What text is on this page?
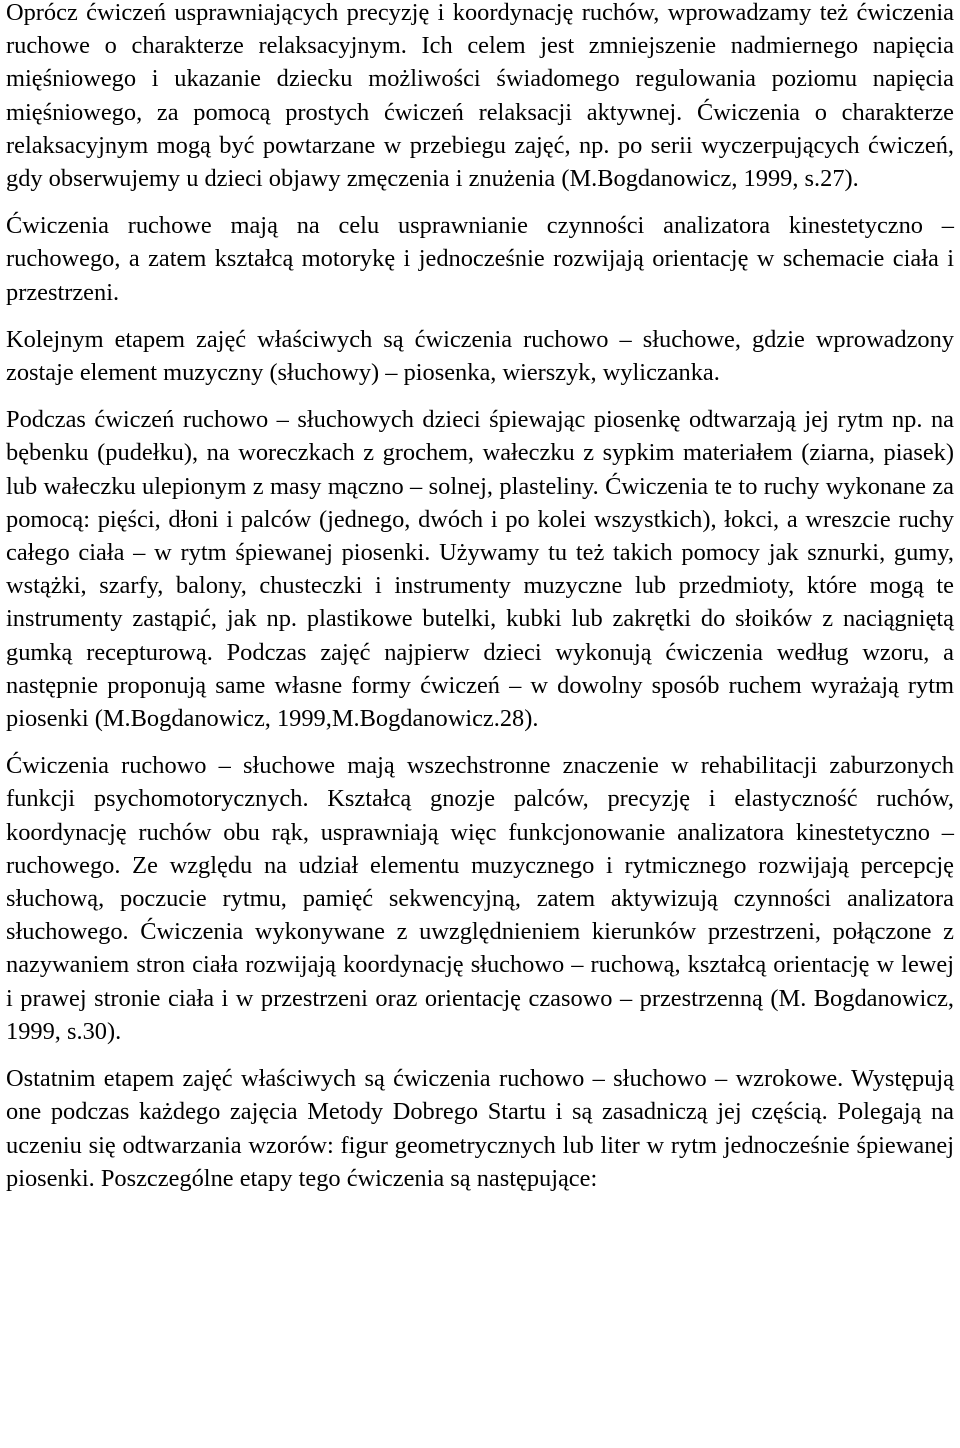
Oprócz ćwiczeń usprawniających precyzję i koordynację ruchów, wprowadzamy też ćwiczenia ruchowe o charakterze relaksacyjnym. Ich celem jest zmniejszenie nadmiernego napięcia mięśniowego i ukazanie dziecku możliwości świadomego regulowania poziomu napięcia mięśniowego, za pomocą prostych ćwiczeń relaksacji aktywnej. Ćwiczenia o charakterze relaksacyjnym mogą być powtarzane w przebiegu zajęć, np. po serii wyczerpujących ćwiczeń, gdy obserwujemy u dzieci objawy zmęczenia i znużenia (M.Bogdanowicz, 1999, s.27).

Ćwiczenia ruchowe mają na celu usprawnianie czynności analizatora kinestetyczno – ruchowego, a zatem kształcą motorykę i jednocześnie rozwijają orientację w schemacie ciała i przestrzeni.

Kolejnym etapem zajęć właściwych są ćwiczenia ruchowo – słuchowe, gdzie wprowadzony zostaje element muzyczny (słuchowy) – piosenka, wierszyk, wyliczanka.

Podczas ćwiczeń ruchowo – słuchowych dzieci śpiewając piosenkę odtwarzają jej rytm np. na bębenku (pudełku), na woreczkach z grochem, wałeczku z sypkim materiałem (ziarna, piasek) lub wałeczku ulepionym z masy mączno – solnej, plasteliny. Ćwiczenia te to ruchy wykonane za pomocą: pięści, dłoni i palców (jednego, dwóch i po kolei wszystkich), łokci, a wreszcie ruchy całego ciała – w rytm śpiewanej piosenki. Używamy tu też takich pomocy jak sznurki, gumy, wstążki, szarfy, balony, chusteczki i instrumenty muzyczne lub przedmioty, które mogą te instrumenty zastąpić, jak np. plastikowe butelki, kubki lub zakrętki do słoików z naciągniętą gumką recepturową. Podczas zajęć najpierw dzieci wykonują ćwiczenia według wzoru, a następnie proponują same własne formy ćwiczeń – w dowolny sposób ruchem wyrażają rytm piosenki (M.Bogdanowicz, 1999,M.Bogdanowicz.28).

Ćwiczenia ruchowo – słuchowe mają wszechstronne znaczenie w rehabilitacji zaburzonych funkcji psychomotorycznych. Kształcą gnozje palców, precyzję i elastyczność ruchów, koordynację ruchów obu rąk, usprawniają więc funkcjonowanie analizatora kinestetyczno – ruchowego. Ze względu na udział elementu muzycznego i rytmicznego rozwijają percepcję słuchową, poczucie rytmu, pamięć sekwencyjną, zatem aktywizują czynności analizatora słuchowego. Ćwiczenia wykonywane z uwzględnieniem kierunków przestrzeni, połączone z nazywaniem stron ciała rozwijają koordynację słuchowo – ruchową, kształcą orientację w lewej i prawej stronie ciała i w przestrzeni oraz orientację czasowo – przestrzenną (M. Bogdanowicz, 1999, s.30).

Ostatnim etapem zajęć właściwych są ćwiczenia ruchowo – słuchowo – wzrokowe. Występują one podczas każdego zajęcia Metody Dobrego Startu i są zasadniczą jej częścią. Polegają na uczeniu się odtwarzania wzorów: figur geometrycznych lub liter w rytm jednocześnie śpiewanej piosenki. Poszczególne etapy tego ćwiczenia są następujące:
